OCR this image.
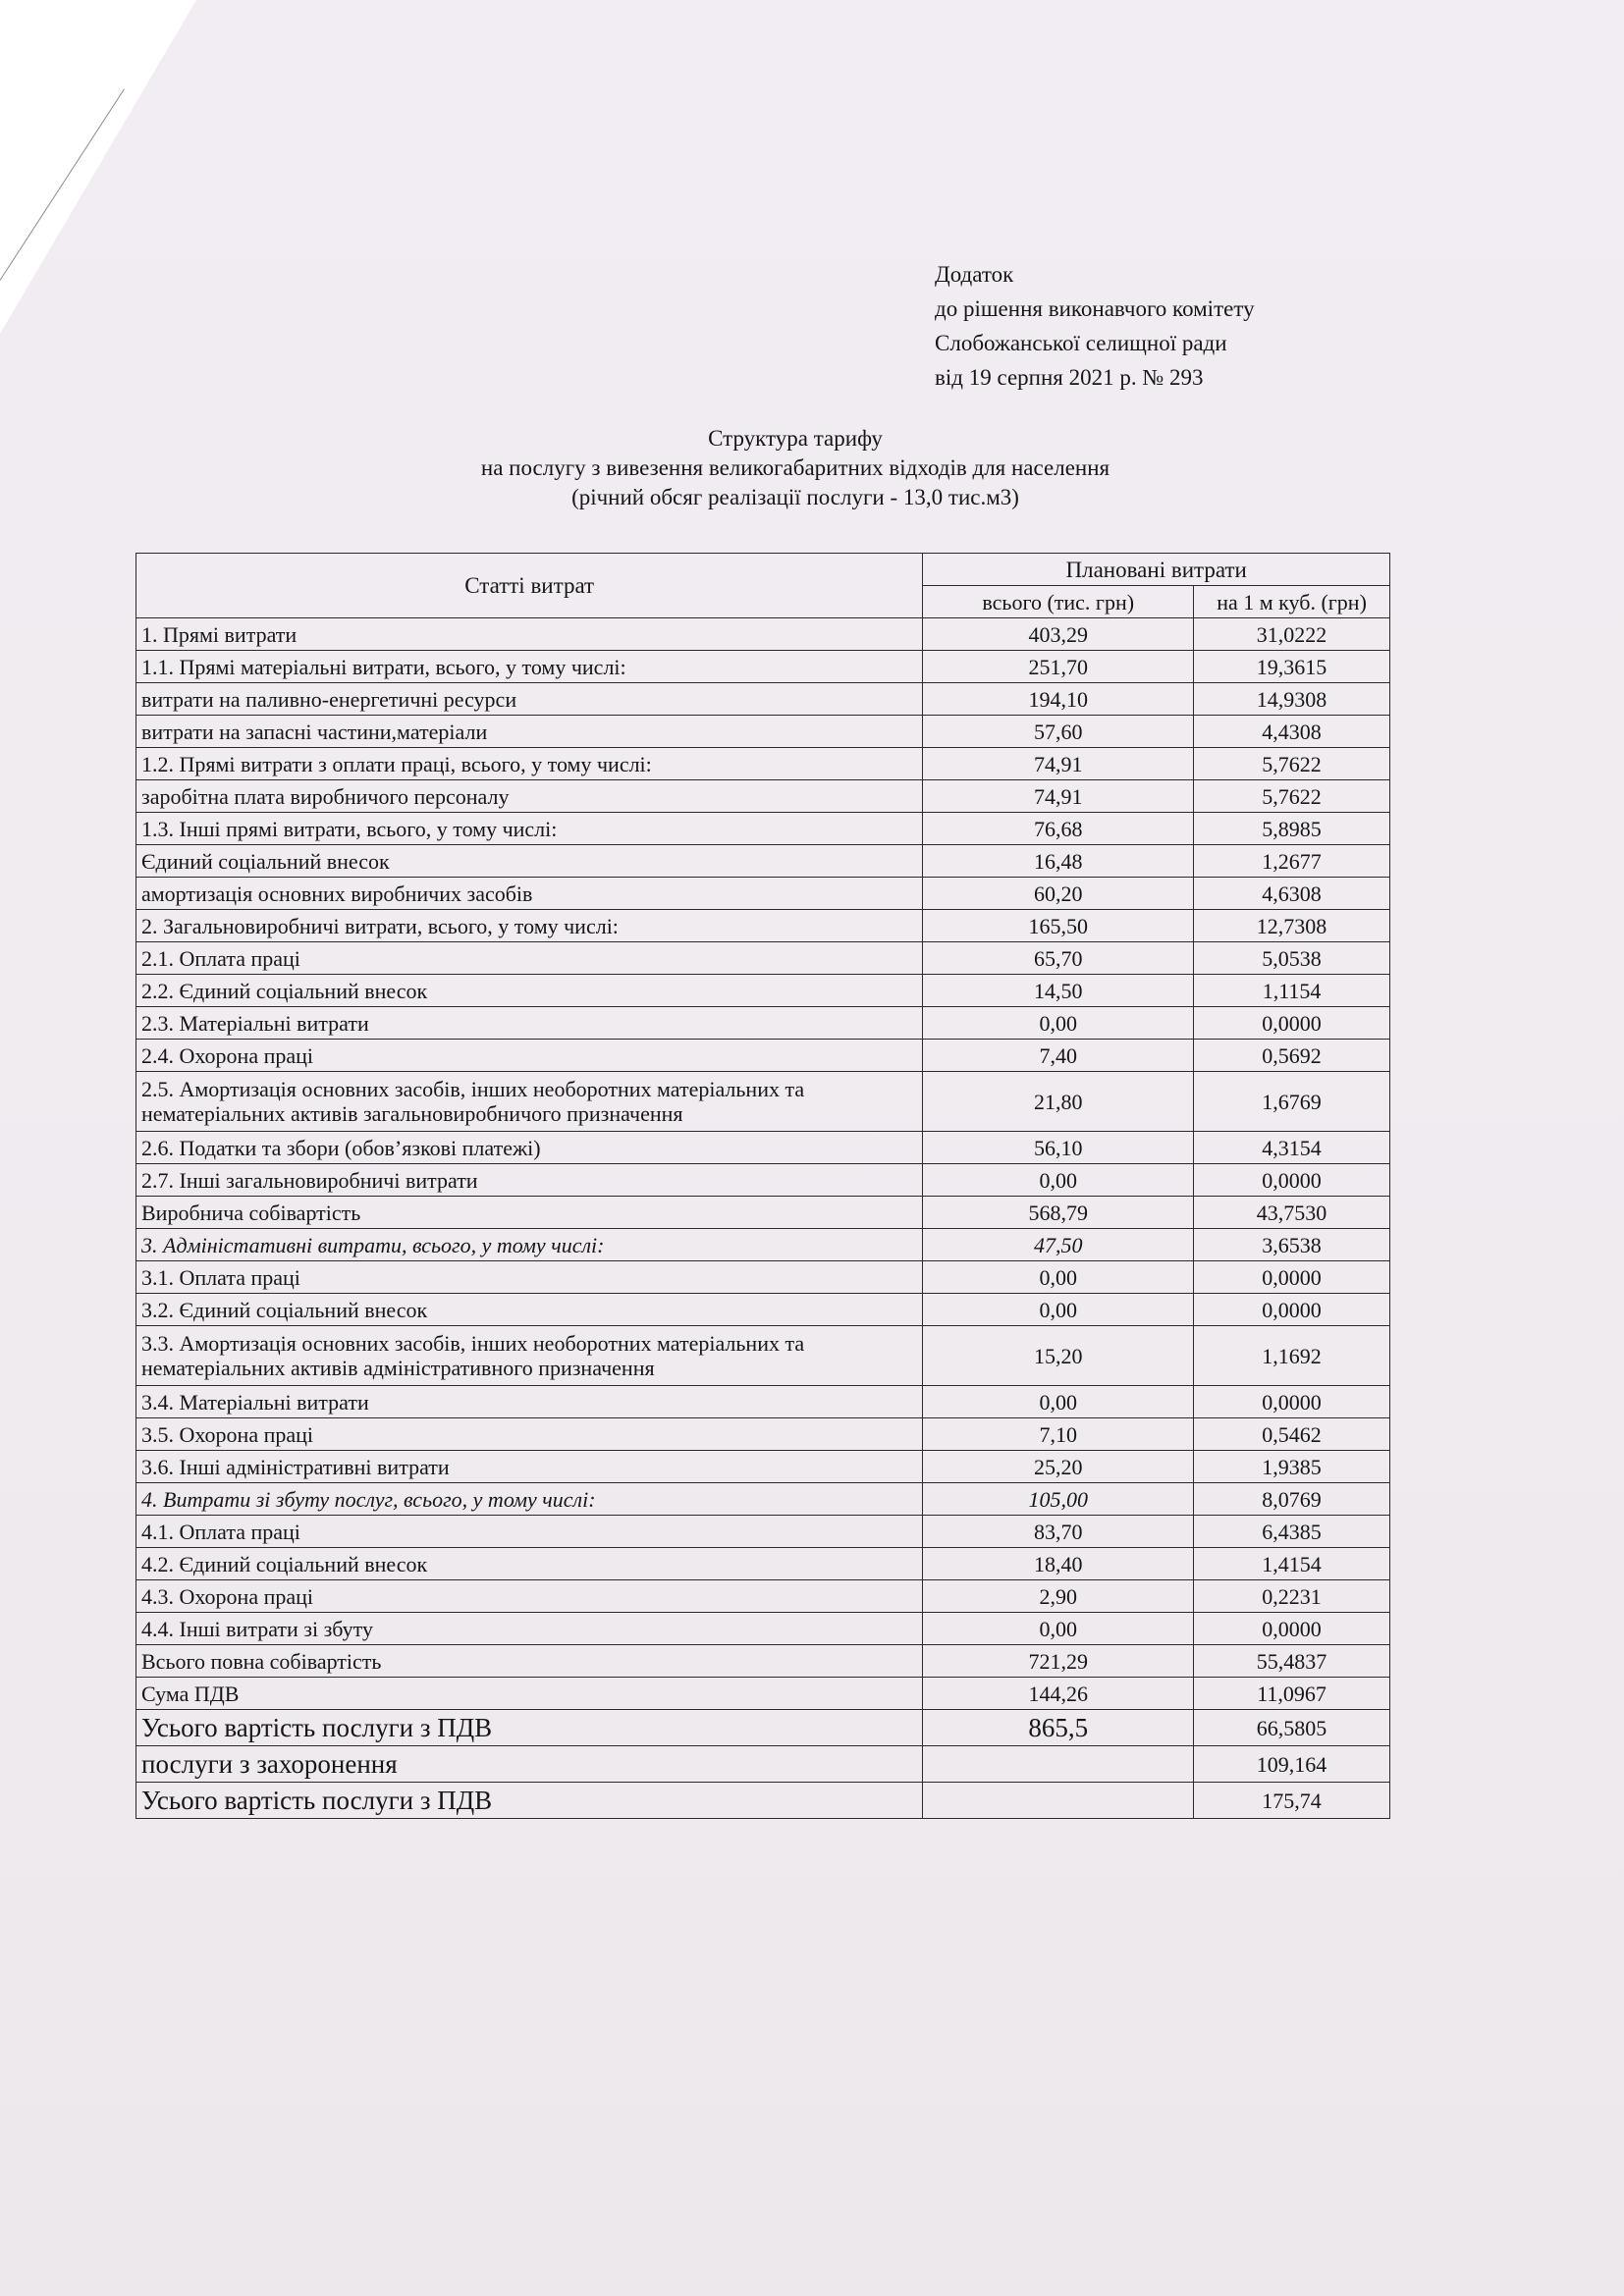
Додаток
до рішення виконавчого комітету
Слобожанської селищної ради
від 19 серпня 2021 р. № 293
Структура тарифу
на послугу з вивезення великогабаритних відходів для населення
(річний обсяг реалізації послуги - 13,0 тис.м3)
Статті витрат	Плановані витрати	
	всього (тис. грн)	на 1 м куб. (грн)
1. Прямі витрати	403,29	31,0222
1.1. Прямі матеріальні витрати, всього, у тому числі:	251,70	19,3615
витрати на паливно-енергетичні ресурси	194,10	14,9308
витрати на запасні частини,матеріали	57,60	4,4308
1.2. Прямі витрати з оплати праці, всього, у тому числі:	74,91	5,7622
заробітна плата виробничого персоналу	74,91	5,7622
1.3. Інші прямі витрати, всього, у тому числі:	76,68	5,8985
Єдиний соціальний внесок	16,48	1,2677
амортизація основних виробничих засобів	60,20	4,6308
2. Загальновиробничі витрати, всього, у тому числі:	165,50	12,7308
2.1. Оплата праці	65,70	5,0538
2.2. Єдиний соціальний внесок	14,50	1,1154
2.3. Матеріальні витрати	0,00	0,0000
2.4. Охорона праці	7,40	0,5692
2.5. Амортизація основних засобів, інших необоротних матеріальних та нематеріальних активів загальновиробничого призначення	21,80	1,6769
2.6. Податки та збори (обов’язкові платежі)	56,10	4,3154
2.7. Інші загальновиробничі витрати	0,00	0,0000
Виробнича собівартість	568,79	43,7530
3. Адміністативні витрати, всього, у тому числі:	47,50	3,6538
3.1. Оплата праці	0,00	0,0000
3.2. Єдиний соціальний внесок	0,00	0,0000
3.3. Амортизація основних засобів, інших необоротних матеріальних та нематеріальних активів адміністративного призначення	15,20	1,1692
3.4. Матеріальні витрати	0,00	0,0000
3.5. Охорона праці	7,10	0,5462
3.6. Інші адміністративні витрати	25,20	1,9385
4. Витрати зі збуту послуг, всього, у тому числі:	105,00	8,0769
4.1. Оплата праці	83,70	6,4385
4.2. Єдиний соціальний внесок	18,40	1,4154
4.3. Охорона праці	2,90	0,2231
4.4. Інші витрати зі збуту	0,00	0,0000
Всього повна собівартість	721,29	55,4837
Сума ПДВ	144,26	11,0967
Усього вартість послуги з ПДВ	865,5	66,5805
послуги з захоронення		109,164
Усього вартість послуги з ПДВ		175,74
